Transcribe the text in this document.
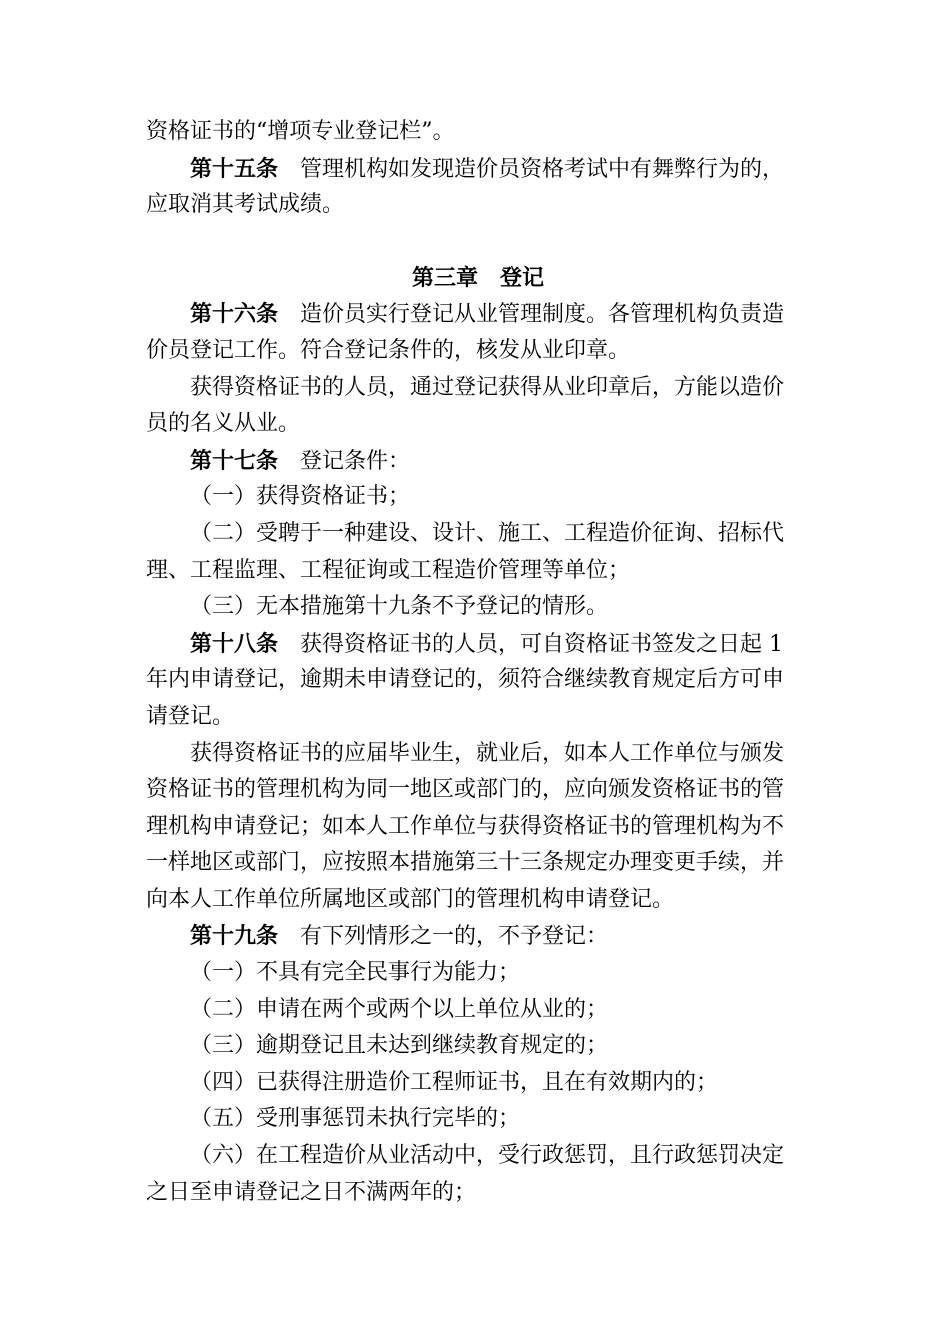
资格证书的“增项专业登记栏”。
第十五条 管理机构如发现造价员资格考试中有舞弊行为的，
应取消其考试成绩。
第三章　登记
第十六条 造价员实行登记从业管理制度。各管理机构负责造
价员登记工作。符合登记条件的，核发从业印章。
获得资格证书的人员，通过登记获得从业印章后，方能以造价
员的名义从业。
第十七条 登记条件：
（一）获得资格证书；
（二）受聘于一种建设、设计、施工、工程造价征询、招标代
理、工程监理、工程征询或工程造价管理等单位；
（三）无本措施第十九条不予登记的情形。
第十八条 获得资格证书的人员，可自资格证书签发之日起 1
年内申请登记，逾期未申请登记的，须符合继续教育规定后方可申
请登记。
获得资格证书的应届毕业生，就业后，如本人工作单位与颁发
资格证书的管理机构为同一地区或部门的，应向颁发资格证书的管
理机构申请登记；如本人工作单位与获得资格证书的管理机构为不
一样地区或部门，应按照本措施第三十三条规定办理变更手续，并
向本人工作单位所属地区或部门的管理机构申请登记。
第十九条 有下列情形之一的，不予登记：
（一）不具有完全民事行为能力；
（二）申请在两个或两个以上单位从业的；
（三）逾期登记且未达到继续教育规定的；
（四）已获得注册造价工程师证书，且在有效期内的；
（五）受刑事惩罚未执行完毕的；
（六）在工程造价从业活动中，受行政惩罚，且行政惩罚决定
之日至申请登记之日不满两年的；
